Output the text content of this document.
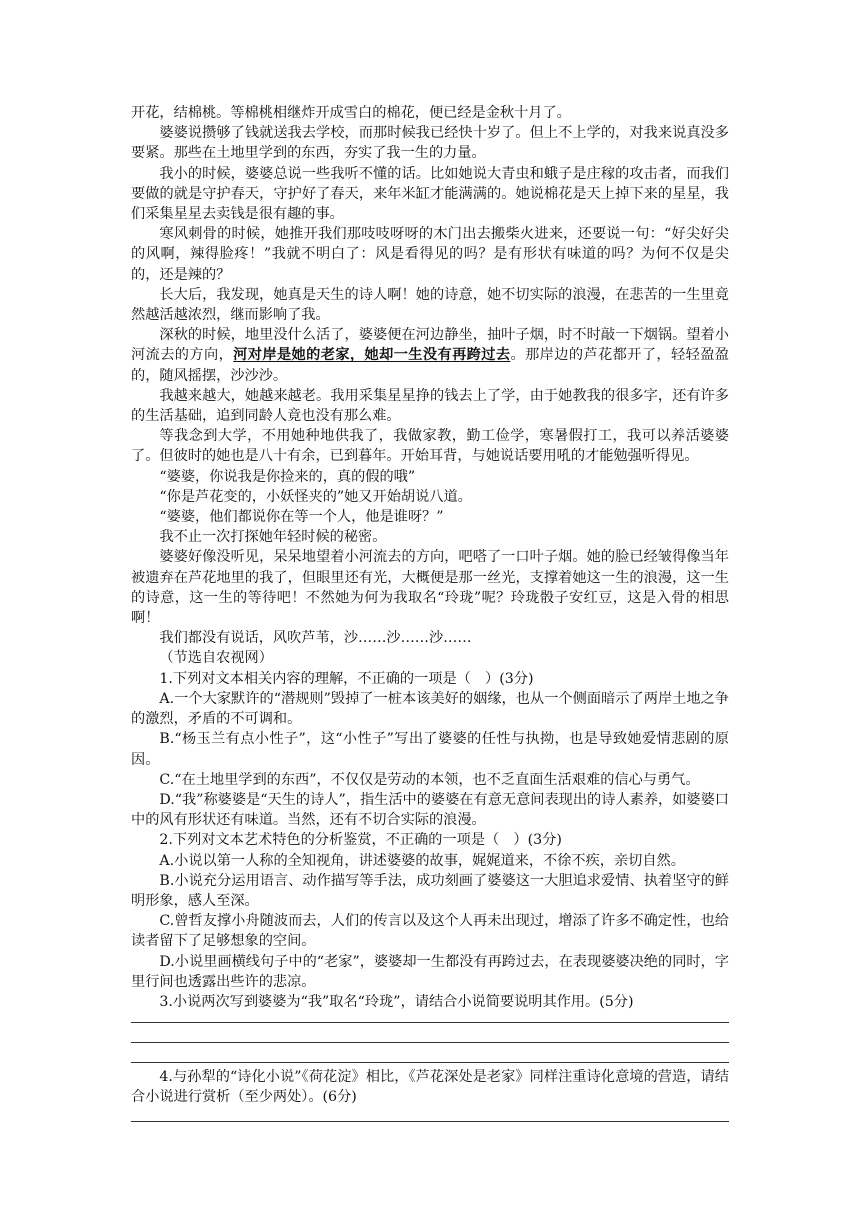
开花，结棉桃。等棉桃相继炸开成雪白的棉花，便已经是金秋十月了。

婆婆说攒够了钱就送我去学校，而那时候我已经快十岁了。但上不上学的，对我来说真没多要紧。那些在土地里学到的东西，夯实了我一生的力量。

我小的时候，婆婆总说一些我听不懂的话。比如她说大青虫和蛾子是庄稼的攻击者，而我们要做的就是守护春天，守护好了春天，来年米缸才能满满的。她说棉花是天上掉下来的星星，我们采集星星去卖钱是很有趣的事。

寒风刺骨的时候，她推开我们那吱吱呀呀的木门出去搬柴火进来，还要说一句：“好尖好尖的风啊，辣得脸疼！”我就不明白了：风是看得见的吗？是有形状有味道的吗？为何不仅是尖的，还是辣的？

长大后，我发现，她真是天生的诗人啊！她的诗意，她不切实际的浪漫，在悲苦的一生里竟然越活越浓烈，继而影响了我。

深秋的时候，地里没什么活了，婆婆便在河边静坐，抽叶子烟，时不时敲一下烟锅。望着小河流去的方向，河对岸是她的老家，她却一生没有再跨过去。那岸边的芦花都开了，轻轻盈盈的，随风摇摆，沙沙沙。

我越来越大，她越来越老。我用采集星星挣的钱去上了学，由于她教我的很多字，还有许多的生活基础，追到同龄人竟也没有那么难。

等我念到大学，不用她种地供我了，我做家教，勤工俭学，寒暑假打工，我可以养活婆婆了。但彼时的她也是八十有余，已到暮年。开始耳背，与她说话要用吼的才能勉强听得见。

“婆婆，你说我是你捡来的，真的假的哦”

“你是芦花变的，小妖怪夹的”她又开始胡说八道。

“婆婆，他们都说你在等一个人，他是谁呀？”

我不止一次打探她年轻时候的秘密。

婆婆好像没听见，呆呆地望着小河流去的方向，吧嗒了一口叶子烟。她的脸已经皱得像当年被遗弃在芦花地里的我了，但眼里还有光，大概便是那一丝光，支撑着她这一生的浪漫，这一生的诗意，这一生的等待吧！不然她为何为我取名“玲珑”呢？玲珑骰子安红豆，这是入骨的相思啊！

我们都没有说话，风吹芦苇，沙……沙……沙……

（节选自农视网）

1.下列对文本相关内容的理解，不正确的一项是（　）(3分)

A.一个大家默许的“潜规则”毁掉了一桩本该美好的姻缘，也从一个侧面暗示了两岸土地之争的激烈，矛盾的不可调和。

B.“杨玉兰有点小性子”，这“小性子”写出了婆婆的任性与执拗，也是导致她爱情悲剧的原因。

C.“在土地里学到的东西”，不仅仅是劳动的本领，也不乏直面生活艰难的信心与勇气。

D.“我”称婆婆是“天生的诗人”，指生活中的婆婆在有意无意间表现出的诗人素养，如婆婆口中的风有形状还有味道。当然，还有不切合实际的浪漫。

2.下列对文本艺术特色的分析鉴赏，不正确的一项是（　）(3分)

A.小说以第一人称的全知视角，讲述婆婆的故事，娓娓道来，不徐不疾，亲切自然。

B.小说充分运用语言、动作描写等手法，成功刻画了婆婆这一大胆追求爱情、执着坚守的鲜明形象，感人至深。

C.曾哲友撑小舟随波而去，人们的传言以及这个人再未出现过，增添了许多不确定性，也给读者留下了足够想象的空间。

D.小说里画横线句子中的“老家”，婆婆却一生都没有再跨过去，在表现婆婆决绝的同时，字里行间也透露出些许的悲凉。

3.小说两次写到婆婆为“我”取名“玲珑”，请结合小说简要说明其作用。(5分)

4.与孙犁的“诗化小说”《荷花淀》相比，《芦花深处是老家》同样注重诗化意境的营造，请结合小说进行赏析（至少两处）。(6分)
